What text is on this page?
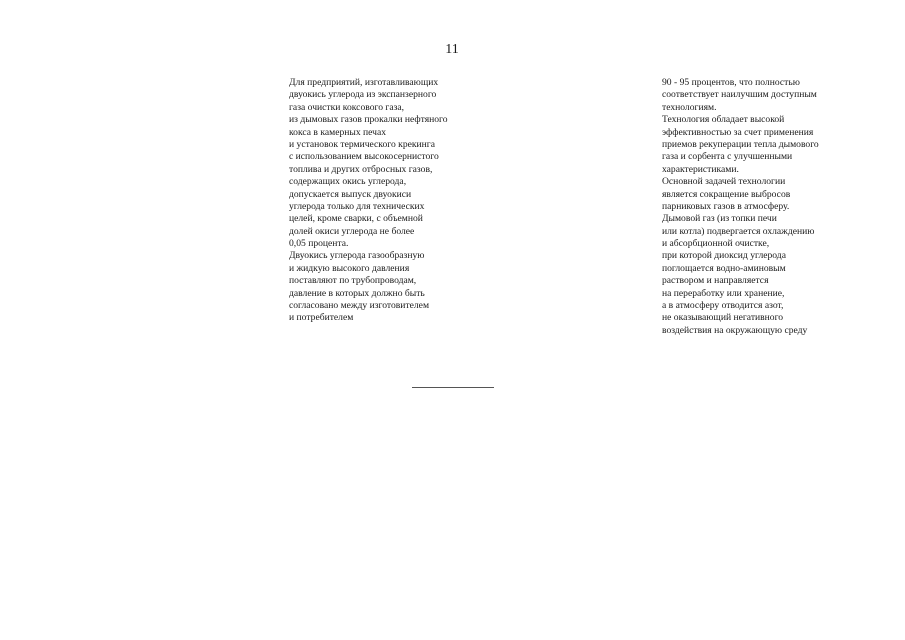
11
Для предприятий, изготавливающих
двуокись углерода из экспанзерного
газа очистки коксового газа,
из дымовых газов прокалки нефтяного
кокса в камерных печах
и установок термического крекинга
с использованием высокосернистого
топлива и других отбросных газов,
содержащих окись углерода,
допускается выпуск двуокиси
углерода только для технических
целей, кроме сварки, с объемной
долей окиси углерода не более
0,05 процента.
Двуокись углерода газообразную
и жидкую высокого давления
поставляют по трубопроводам,
давление в которых должно быть
согласовано между изготовителем
и потребителем
90 - 95 процентов, что полностью
соответствует наилучшим доступным
технологиям.
Технология обладает высокой
эффективностью за счет применения
приемов рекуперации тепла дымового
газа и сорбента с улучшенными
характеристиками.
Основной задачей технологии
является сокращение выбросов
парниковых газов в атмосферу.
Дымовой газ (из топки печи
или котла) подвергается охлаждению
и абсорбционной очистке,
при которой диоксид углерода
поглощается водно-аминовым
раствором и направляется
на переработку или хранение,
а в атмосферу отводится азот,
не оказывающий негативного
воздействия на окружающую среду
